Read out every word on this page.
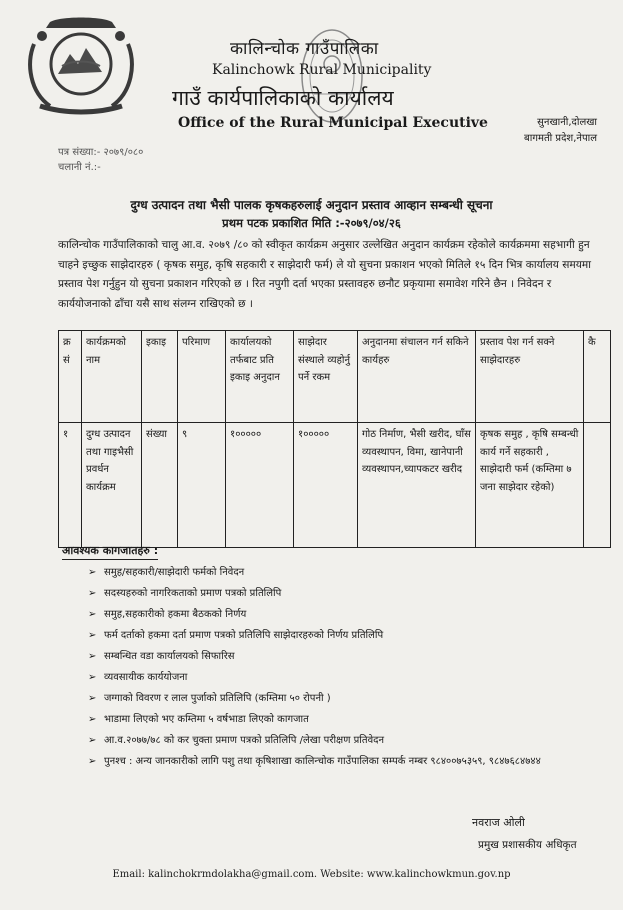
कालिन्चोक गाउँपालिका
Kalinchowk Rural Municipality
गाउँ कार्यपालिकाको कार्यालय
Office of the Rural Municipal Executive	सुनखानी,दोलखा
बागमती प्रदेश,नेपाल
पत्र संख्या:- २०७९/०८०
चलानी नं.:-
दुग्ध उत्पादन तथा भैसी पालक कृषकहरुलाई अनुदान प्रस्ताव आव्हान सम्बन्धी सूचना
प्रथम पटक प्रकाशित मिति :-२०७९/०४/२६
कालिन्चोक गाउँपालिकाको चालु आ.व. २०७९ /८० को स्वीकृत कार्यक्रम अनुसार उल्लेखित अनुदान कार्यक्रम रहेकोले कार्यक्रममा सहभागी हुन चाहने इच्छुक साझेदारहरु ( कृषक समुह, कृषि सहकारी र साझेदारी फर्म) ले यो सुचना प्रकाशन भएको मितिले १५ दिन भित्र कार्यालय समयमा प्रस्ताव पेश गर्नुहुन यो सुचना प्रकाशन गरिएको छ । रित नपुगी दर्ता भएका प्रस्तावहरु छनौट प्रकृयामा समावेश गरिने छैन । निवेदन र कार्ययोजनाको ढाँचा यसै साथ संलग्न राखिएको छ ।
क्र सं	कार्यक्रमको नाम	इकाइ	परिमाण	कार्यालयको तर्फबाट प्रति इकाइ अनुदान	साझेदार संस्थाले व्यहोर्नु पर्ने रकम	अनुदानमा संचालन गर्न सकिने कार्यहरु	प्रस्ताव पेश गर्न सक्ने साझेदारहरु	कै
१	दुग्ध उत्पादन तथा गाइभैसी प्रवर्धन कार्यक्रम	संख्या	९	१०००००	१०००००	गोठ निर्माण, भैसी खरीद, घाँस व्यवस्थापन, विमा, खानेपानी व्यवस्थापन,च्यापकटर खरीद	कृषक समुह , कृषि सम्बन्धी कार्य गर्ने सहकारी , साझेदारी फर्म (कम्तिमा ७ जना साझेदार रहेको)	
आवश्यक कागजातहरु :
➢ समुह/सहकारी/साझेदारी फर्मको निवेदन
➢ सदस्यहरुको नागरिकताको प्रमाण पत्रको प्रतिलिपि
➢ समुह,सहकारीको हकमा बैठकको निर्णय
➢ फर्म दर्ताको हकमा दर्ता प्रमाण पत्रको प्रतिलिपि साझेदारहरुको निर्णय प्रतिलिपि
➢ सम्बन्धित वडा कार्यालयको सिफारिस
➢ व्यवसायीक कार्ययोजना
➢ जग्गाको विवरण र लाल पुर्जाको प्रतिलिपि (कम्तिमा ५० रोपनी )
➢ भाडामा लिएको भए कम्तिमा ५ वर्षभाडा लिएको कागजात
➢ आ.व.२०७७/७८ को कर चुक्ता प्रमाण पत्रको प्रतिलिपि /लेखा परीक्षण प्रतिवेदन
➢ पुनश्च : अन्य जानकारीको लागि पशु तथा कृषिशाखा कालिन्चोक गाउँपालिका सम्पर्क नम्बर ९८४००७५३५९, ९८४७६८४७४४
नवराज ओली
प्रमुख प्रशासकीय अधिकृत
Email: kalinchokrmdolakha@gmail.com. Website: www.kalinchowkmun.gov.np
